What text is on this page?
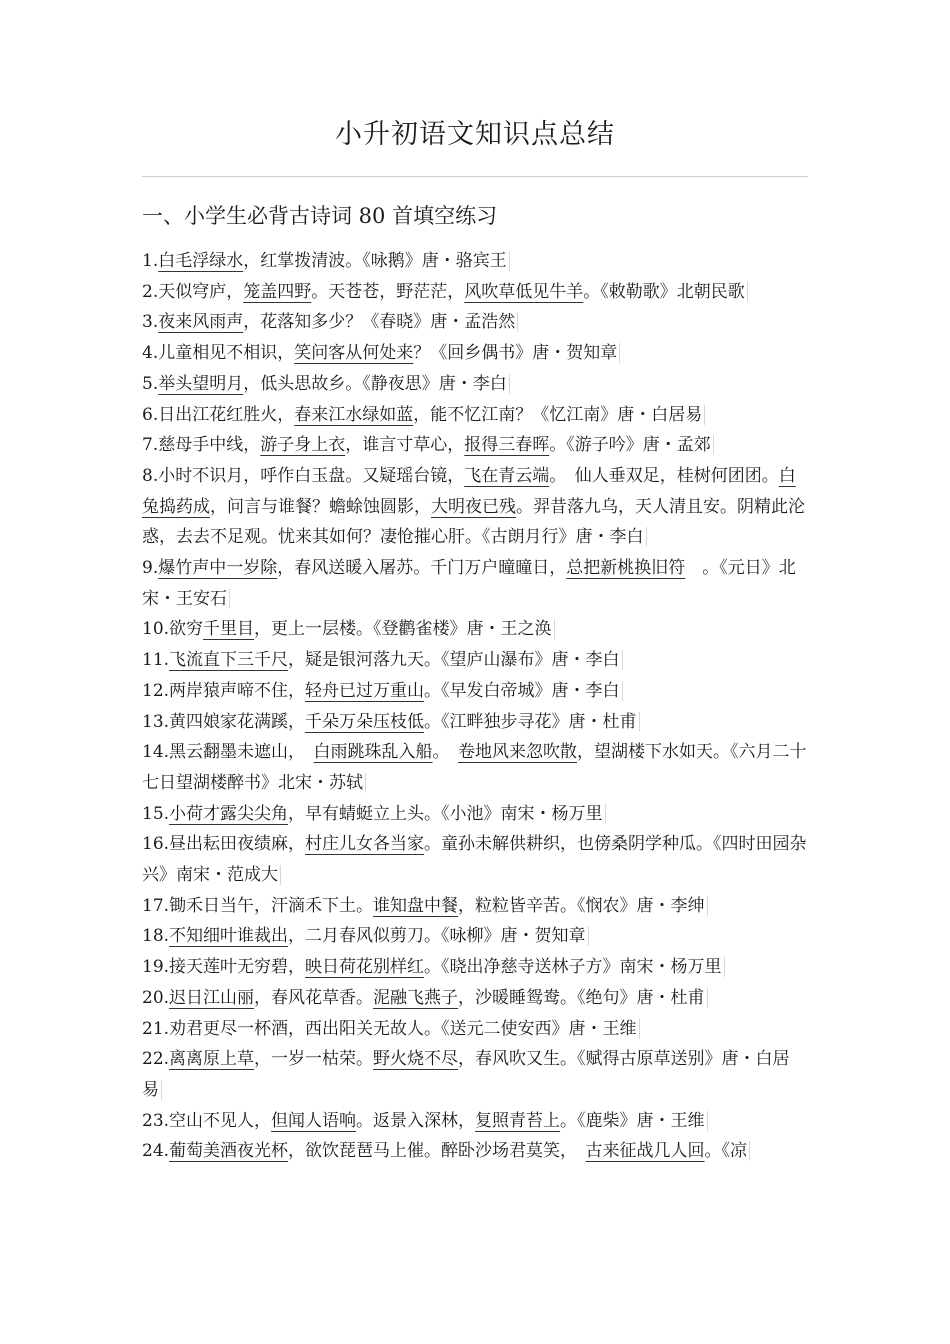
小升初语文知识点总结
一、小学生必背古诗词 80 首填空练习
1.白毛浮绿水，红掌拨清波。《咏鹅》唐・骆宾王
2.天似穹庐，笼盖四野。天苍苍，野茫茫，风吹草低见牛羊。《敕勒歌》北朝民歌
3.夜来风雨声，花落知多少？《春晓》唐・孟浩然
4.儿童相见不相识，笑问客从何处来？《回乡偶书》唐・贺知章
5.举头望明月，低头思故乡。《静夜思》唐・李白
6.日出江花红胜火，春来江水绿如蓝，能不忆江南？《忆江南》唐・白居易
7.慈母手中线，游子身上衣，谁言寸草心，报得三春晖。《游子吟》唐・孟郊
8.小时不识月，呼作白玉盘。又疑瑶台镜，飞在青云端。　仙人垂双足，桂树何团团。白兔捣药成，问言与谁餐？蟾蜍蚀圆影，大明夜已残。羿昔落九乌，天人清且安。阴精此沦惑，去去不足观。忧来其如何？凄怆摧心肝。《古朗月行》唐・李白
9.爆竹声中一岁除，春风送暖入屠苏。千门万户曈曈日，总把新桃换旧符　。《元日》北宋・王安石
10.欲穷千里目，更上一层楼。《登鹳雀楼》唐・王之涣
11.飞流直下三千尺，疑是银河落九天。《望庐山瀑布》唐・李白
12.两岸猿声啼不住，轻舟已过万重山。《早发白帝城》唐・李白
13.黄四娘家花满蹊，千朵万朵压枝低。《江畔独步寻花》唐・杜甫
14.黑云翻墨未遮山，　白雨跳珠乱入船。　卷地风来忽吹散，望湖楼下水如天。《六月二十七日望湖楼醉书》北宋・苏轼
15.小荷才露尖尖角，早有蜻蜓立上头。《小池》南宋・杨万里
16.昼出耘田夜绩麻，村庄儿女各当家。童孙未解供耕织，也傍桑阴学种瓜。《四时田园杂兴》南宋・范成大
17.锄禾日当午，汗滴禾下土。谁知盘中餐，粒粒皆辛苦。《悯农》唐・李绅
18.不知细叶谁裁出，二月春风似剪刀。《咏柳》唐・贺知章
19.接天莲叶无穷碧，映日荷花别样红。《晓出净慈寺送林子方》南宋・杨万里
20.迟日江山丽，春风花草香。泥融飞燕子，沙暖睡鸳鸯。《绝句》唐・杜甫
21.劝君更尽一杯酒，西出阳关无故人。《送元二使安西》唐・王维
22.离离原上草，一岁一枯荣。野火烧不尽，春风吹又生。《赋得古原草送别》唐・白居易
23.空山不见人，但闻人语响。返景入深林，复照青苔上。《鹿柴》唐・王维
24.葡萄美酒夜光杯，欲饮琵琶马上催。醉卧沙场君莫笑，　古来征战几人回。《凉
